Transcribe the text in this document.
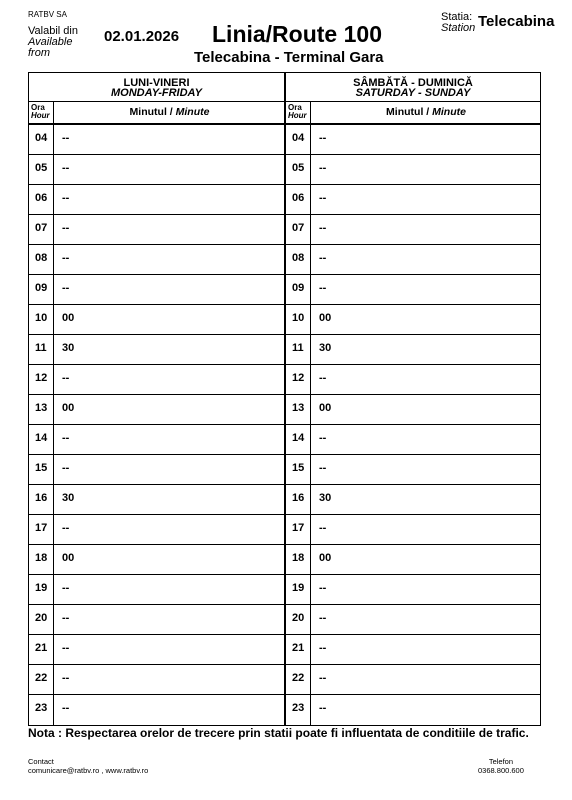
RATBV SA
Valabil din
Available
from
02.01.2026 Linia/Route 100
Telecabina - Terminal Gara
Statia:
Station Telecabina
LUNI-VINERI
MONDAY-FRIDAY
Ora
Hour	Minutul / Minute
04	--
05	--
06	--
07	--
08	--
09	--
10	00
11	30
12	--
13	00
14	--
15	--
16	30
17	--
18	00
19	--
20	--
21	--
22	--
23	--
SÂMBĂTĂ - DUMINICĂ
SATURDAY - SUNDAY
Ora
Hour	Minutul / Minute
04	--
05	--
06	--
07	--
08	--
09	--
10	00
11	30
12	--
13	00
14	--
15	--
16	30
17	--
18	00
19	--
20	--
21	--
22	--
23	--
Nota : Respectarea orelor de trecere prin statii poate fi influentata de conditiile de trafic.
Contact
comunicare@ratbv.ro , www.ratbv.ro
Telefon
0368.800.600
